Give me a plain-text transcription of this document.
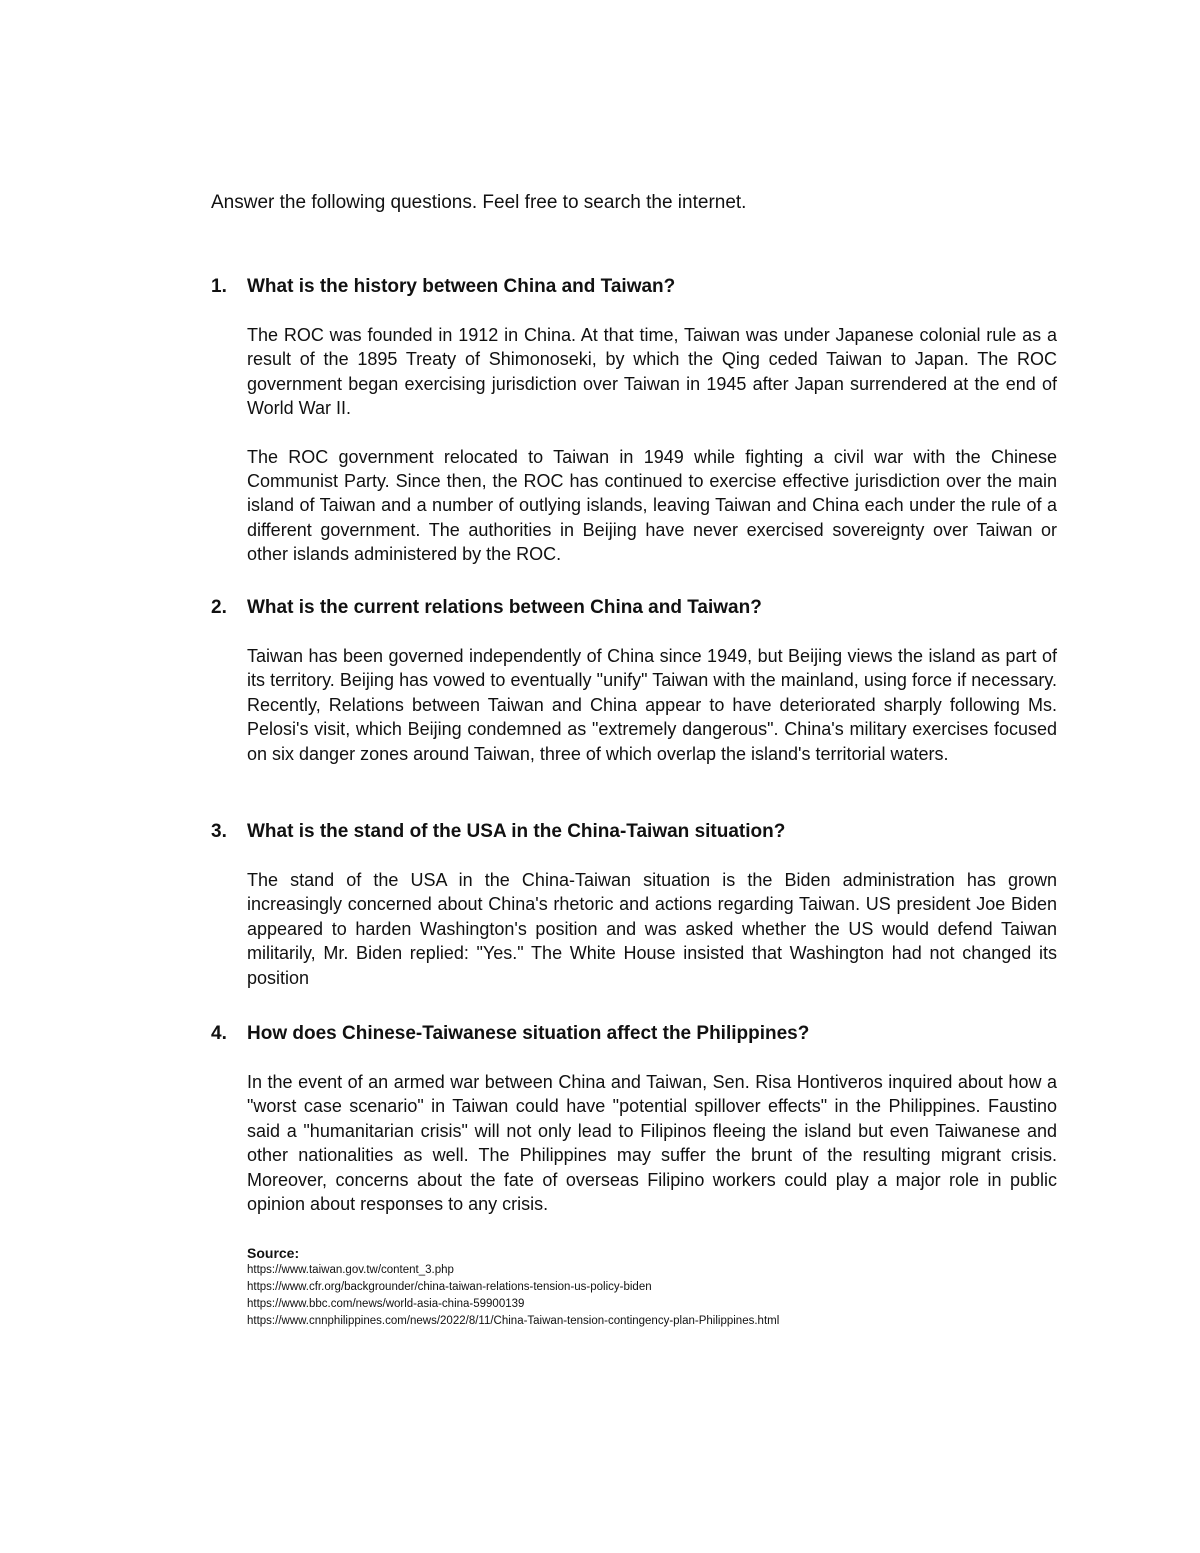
Answer the following questions. Feel free to search the internet.

1. What is the history between China and Taiwan?

The ROC was founded in 1912 in China. At that time, Taiwan was under Japanese colonial rule as a result of the 1895 Treaty of Shimonoseki, by which the Qing ceded Taiwan to Japan. The ROC government began exercising jurisdiction over Taiwan in 1945 after Japan surrendered at the end of World War II.

The ROC government relocated to Taiwan in 1949 while fighting a civil war with the Chinese Communist Party. Since then, the ROC has continued to exercise effective jurisdiction over the main island of Taiwan and a number of outlying islands, leaving Taiwan and China each under the rule of a different government. The authorities in Beijing have never exercised sovereignty over Taiwan or other islands administered by the ROC.

2. What is the current relations between China and Taiwan?

Taiwan has been governed independently of China since 1949, but Beijing views the island as part of its territory. Beijing has vowed to eventually "unify" Taiwan with the mainland, using force if necessary. Recently, Relations between Taiwan and China appear to have deteriorated sharply following Ms. Pelosi's visit, which Beijing condemned as "extremely dangerous". China's military exercises focused on six danger zones around Taiwan, three of which overlap the island's territorial waters.

3. What is the stand of the USA in the China-Taiwan situation?

The stand of the USA in the China-Taiwan situation is the Biden administration has grown increasingly concerned about China's rhetoric and actions regarding Taiwan. US president Joe Biden appeared to harden Washington's position and was asked whether the US would defend Taiwan militarily, Mr. Biden replied: "Yes." The White House insisted that Washington had not changed its position

4. How does Chinese-Taiwanese situation affect the Philippines?

In the event of an armed war between China and Taiwan, Sen. Risa Hontiveros inquired about how a "worst case scenario" in Taiwan could have "potential spillover effects" in the Philippines. Faustino said a "humanitarian crisis" will not only lead to Filipinos fleeing the island but even Taiwanese and other nationalities as well. The Philippines may suffer the brunt of the resulting migrant crisis. Moreover, concerns about the fate of overseas Filipino workers could play a major role in public opinion about responses to any crisis.

Source:

https://www.taiwan.gov.tw/content_3.php
https://www.cfr.org/backgrounder/china-taiwan-relations-tension-us-policy-biden
https://www.bbc.com/news/world-asia-china-59900139
https://www.cnnphilippines.com/news/2022/8/11/China-Taiwan-tension-contingency-plan-Philippines.html
